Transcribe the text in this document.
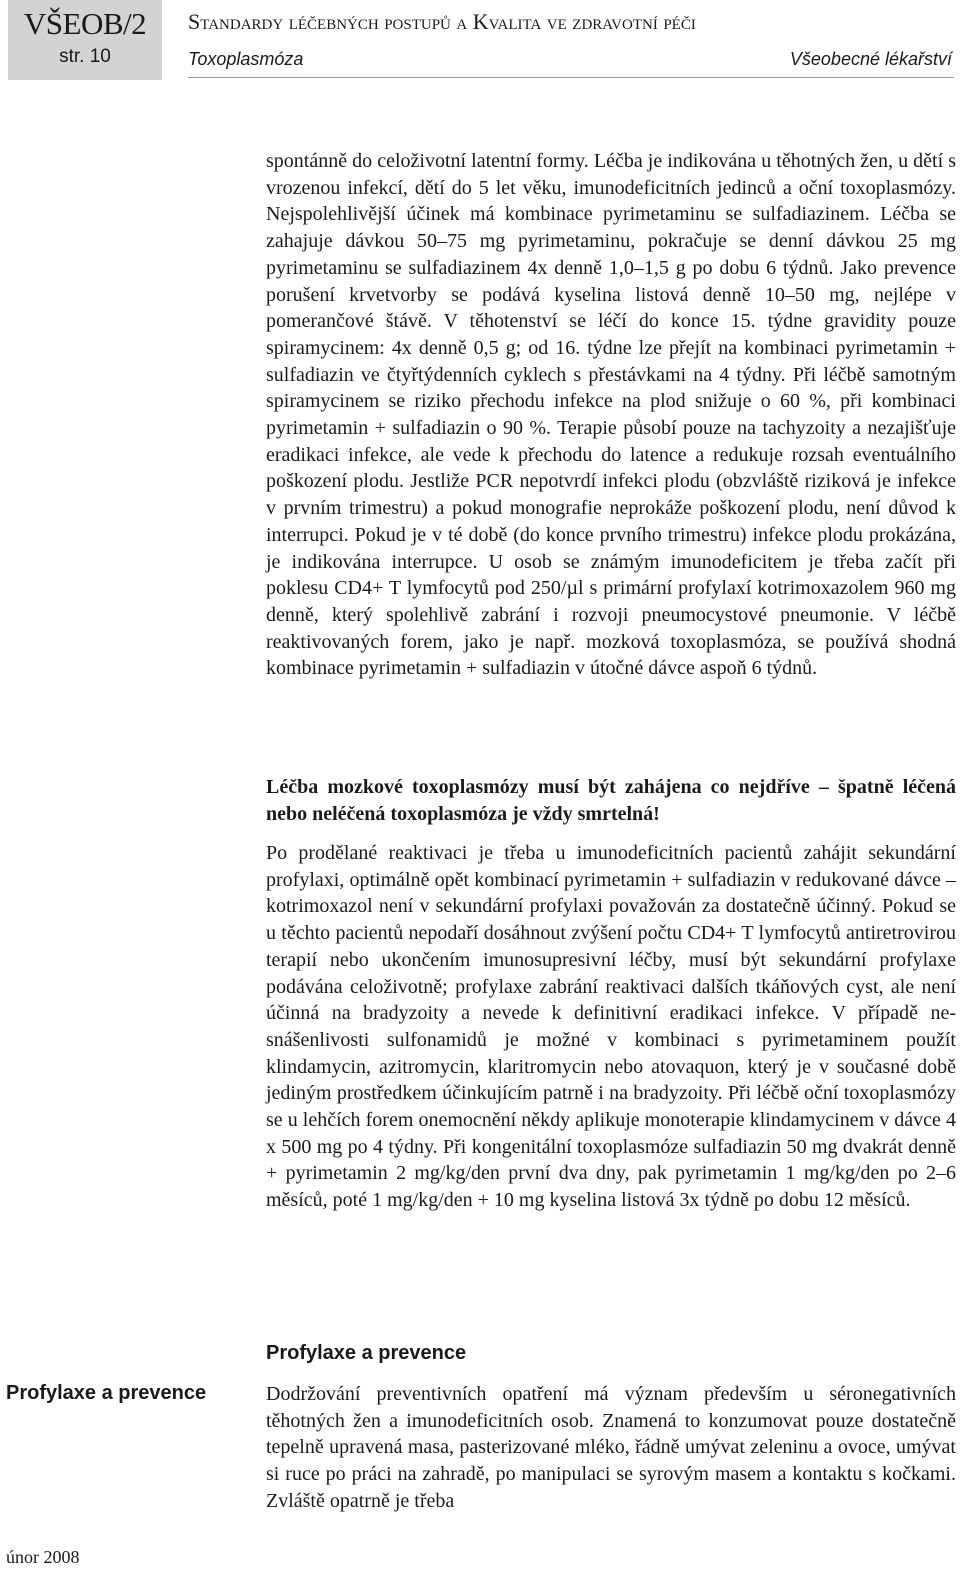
VŠEOB/2
str. 10
Standardy léčebných postupů a Kvalita ve zdravotní péči
Toxoplasmóza	Všeobecné lékařství

spontánně do celoživotní latentní formy. Léčba je indikována u těhotných žen, u dětí s vrozenou infekcí, dětí do 5 let věku, imunodeficitních jedinců a oční toxoplasmózy. Nejspolehlivější účinek má kombinace pyrimetaminu se sulfadiazinem. Léčba se zahajuje dávkou 50–75 mg pyrimetaminu, pokračuje se denní dávkou 25 mg pyrimetaminu se sulfadiazinem 4x denně 1,0–1,5 g po dobu 6 týdnů. Jako prevence porušení krvetvorby se podává kyselina listová denně 10–50 mg, nejlépe v pomerančové štávě. V těhotenství se léčí do konce 15. týdne gravidity pouze spiramycinem: 4x denně 0,5 g; od 16. týdne lze přejít na kombinaci pyrimetamin + sulfadiazin ve čtyřtýdenních cyklech s přestávkami na 4 týdny. Při léčbě samotným spiramycinem se riziko přechodu infekce na plod snižuje o 60 %, při kombinaci pyrimetamin + sulfadiazin o 90 %. Terapie působí pouze na tachyzoity a nezajišťuje eradikaci infekce, ale vede k přechodu do latence a redukuje rozsah eventuálního poškození plodu. Jestliže PCR nepotvrdí infekci plodu (obzvláště riziková je infekce v prvním trimestru) a pokud monografie neprokáže poškození plodu, není důvod k interrupci. Pokud je v té době (do konce prvního trimestru) infekce plodu prokázána, je indikována interrupce. U osob se známým imunodeficitem je třeba začít při poklesu CD4+ T lymfocytů pod 250/µl s primární profylaxí kotrimoxazolem 960 mg denně, který spolehlivě zabrání i rozvoji pneumocystové pneumonie. V léčbě reaktivovaných forem, jako je např. mozková toxoplasmóza, se používá shodná kombinace pyrimetamin + sulfadiazin v útočné dávce aspoň 6 týdnů.

Léčba mozkové toxoplasmózy musí být zahájena co nejdříve – špatně léčená nebo neléčená toxoplasmóza je vždy smrtelná!

Po prodělané reaktivaci je třeba u imunodeficitních pacientů zahájit sekundární profylaxi, optimálně opět kombinací pyrimetamin + sulfadiazin v redukované dávce – kotrimoxazol není v sekundární profylaxi považován za dostatečně účinný. Pokud se u těchto pacientů nepodaří dosáhnout zvýšení počtu CD4+ T lymfocytů antiretrovirou terapií nebo ukončením imunosupresivní léčby, musí být sekundární profylaxe podávána celoživotně; profylaxe zabrání reaktivaci dalších tkáňových cyst, ale není účinná na bradyzoity a nevede k definitivní eradikaci infekce. V případě nesnášenlivosti sulfonamidů je možné v kombinaci s pyrimetaminem použít klindamycin, azitromycin, klaritromycin nebo atovaquon, který je v současné době jediným prostředkem účinkujícím patrně i na bradyzoity. Při léčbě oční toxoplasmózy se u lehčích forem onemocnění někdy aplikuje monoterapie klindamycinem v dávce 4 x 500 mg po 4 týdny. Při kongenitální toxoplasmóze sulfadiazin 50 mg dvakrát denně + pyrimetamin 2 mg/kg/den první dva dny, pak pyrimetamin 1 mg/kg/den po 2–6 měsíců, poté 1 mg/kg/den + 10 mg kyselina listová 3x týdně po dobu 12 měsíců.

Profylaxe a prevence
Profylaxe a prevence	Dodržování preventivních opatření má význam především u séronegativních těhotných žen a imunodeficitních osob. Znamená to konzumovat pouze dostatečně tepelně upravená masa, pasterizované mléko, řádně umývat zeleninu a ovoce, umývat si ruce po práci na zahradě, po manipulaci se syrovým masem a kontaktu s kočkami. Zvláště opatrně je třeba

únor 2008
